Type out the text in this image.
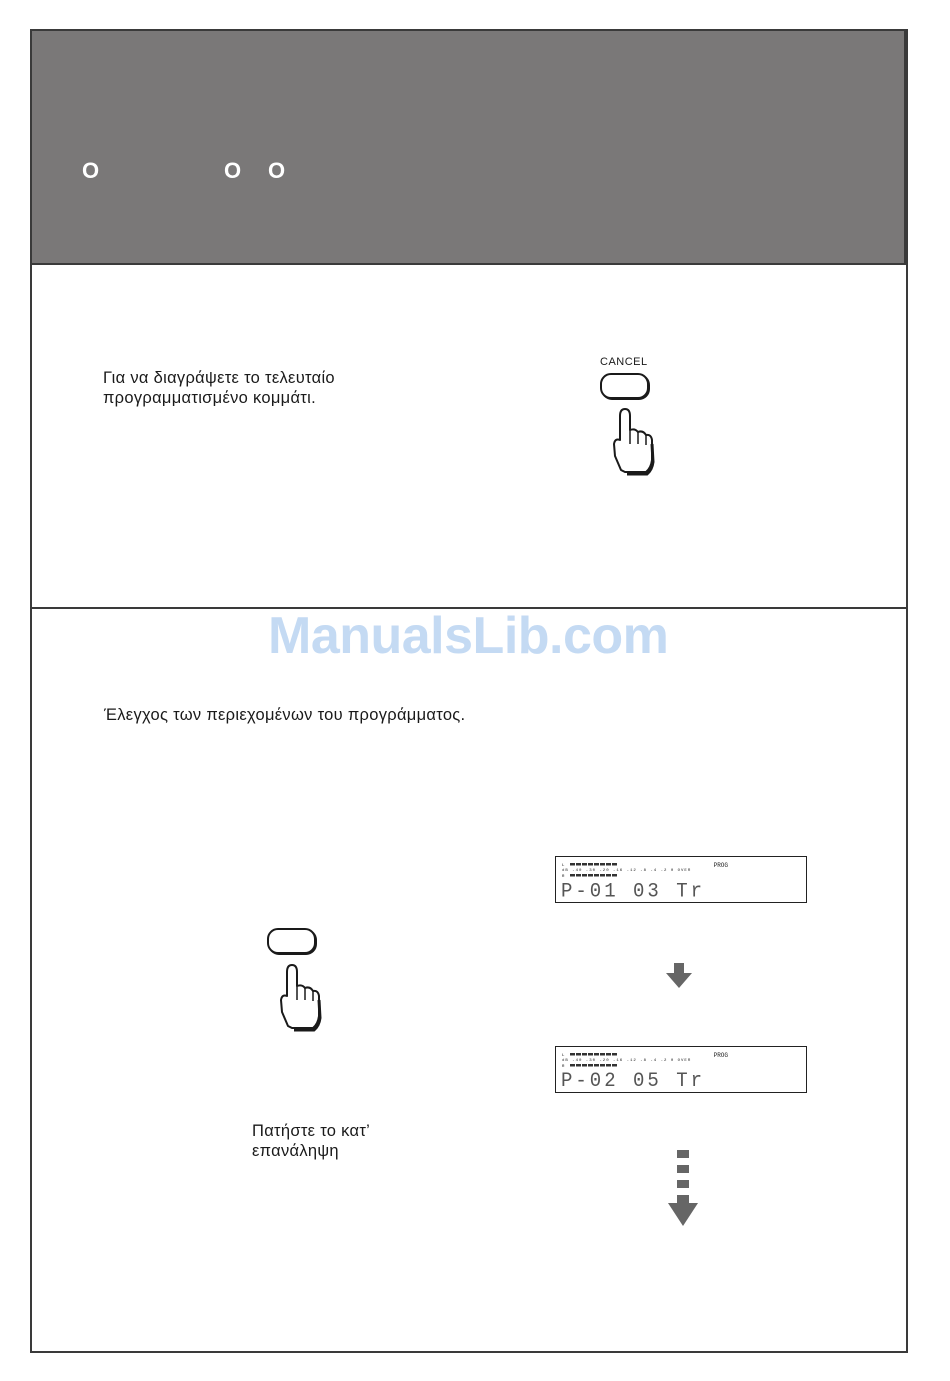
O	O O
Για να διαγράψετε το τελευταίο
προγραμματισμένο κομμάτι.
CANCEL
ManualsLib.com
Έλεγχος των περιεχομένων του προγράμματος.
Πατήστε το κατ’
επανάληψη
L
dB -40 -30 -20 -16 -12 -8 -4 -2 0 OVER
R
PROG
P-01 03 Tr
L
dB -40 -30 -20 -16 -12 -8 -4 -2 0 OVER
R
PROG
P-02 05 Tr
